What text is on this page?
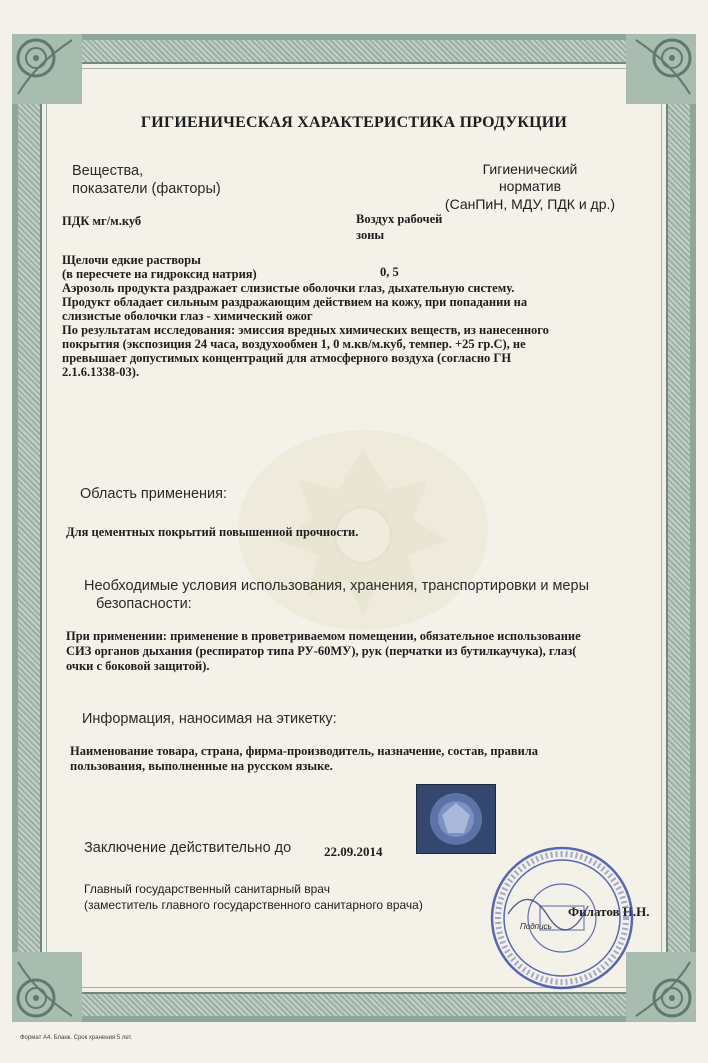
ГИГИЕНИЧЕСКАЯ ХАРАКТЕРИСТИКА ПРОДУКЦИИ
Вещества,
показатели (факторы)
Гигиенический
норматив
(СанПиН, МДУ, ПДК и др.)
ПДК мг/м.куб	Воздух рабочей
зоны
Щелочи едкие растворы
(в пересчете на гидроксид натрия)	0, 5
Аэрозоль продукта раздражает слизистые оболочки глаз, дыхательную систему.
Продукт обладает сильным раздражающим действием на кожу, при попадании на
слизистые оболочки глаз - химический ожог
По результатам исследования: эмиссия вредных химических веществ, из нанесенного
покрытия (экспозиция 24 часа, воздухообмен 1, 0 м.кв/м.куб, темпер. +25 гр.С), не
превышает допустимых концентраций для атмосферного воздуха (согласно ГН
2.1.6.1338-03).
Область применения:
Для цементных покрытий повышенной прочности.
Необходимые условия использования, хранения, транспортировки и меры
безопасности:
При применении: применение в проветриваемом помещении, обязательное использование
СИЗ органов дыхания (респиратор типа РУ-60МУ), рук (перчатки из бутилкаучука), глаз(
очки с боковой защитой).
Информация, наносимая на этикетку:
Наименование товара, страна, фирма-производитель, назначение, состав, правила
пользования, выполненные на русском языке.
Заключение действительно до	22.09.2014
Главный государственный санитарный врач
(заместитель главного государственного санитарного врача)	Филатов Н.Н.
Подпись
Формат А4. Бланк. Срок хранения 5 лет.
